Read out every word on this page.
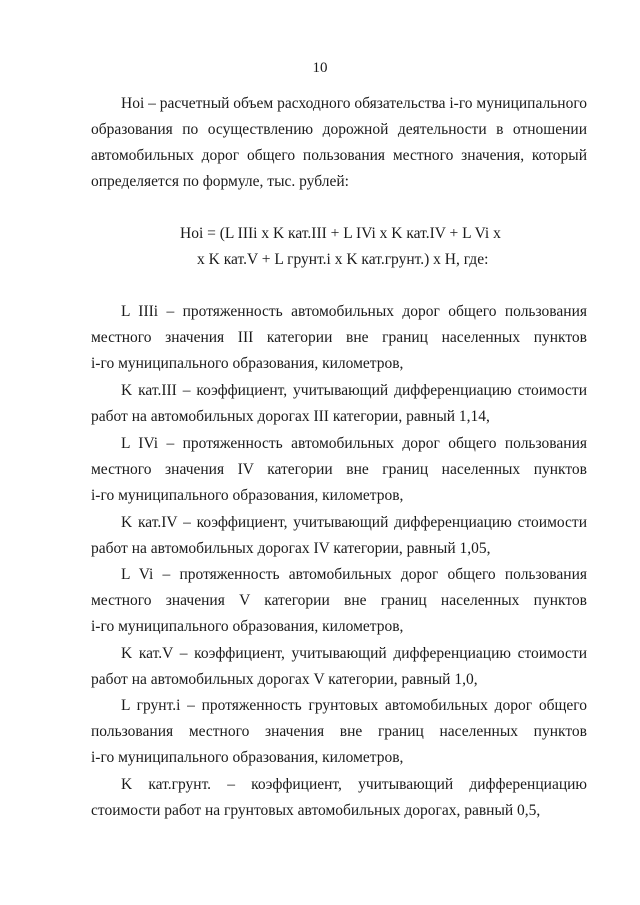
10
Hoi – расчетный объем расходного обязательства i-го муниципального
образования по осуществлению дорожной деятельности в отношении
автомобильных дорог общего пользования местного значения, который
определяется по формуле, тыс. рублей:
Hoi = (L IIIi x K кат.III + L IVi x K кат.IV + L Vi x
x K кат.V + L грунт.i x K кат.грунт.) x H, где:
L IIIi – протяженность автомобильных дорог общего пользования
местного значения III категории вне границ населенных пунктов
i-го муниципального образования, километров,
K кат.III – коэффициент, учитывающий дифференциацию стоимости
работ на автомобильных дорогах III категории, равный 1,14,
L IVi – протяженность автомобильных дорог общего пользования
местного значения IV категории вне границ населенных пунктов
i-го муниципального образования, километров,
K кат.IV – коэффициент, учитывающий дифференциацию стоимости
работ на автомобильных дорогах IV категории, равный 1,05,
L Vi – протяженность автомобильных дорог общего пользования
местного значения V категории вне границ населенных пунктов
i-го муниципального образования, километров,
K кат.V – коэффициент, учитывающий дифференциацию стоимости
работ на автомобильных дорогах V категории, равный 1,0,
L грунт.i – протяженность грунтовых автомобильных дорог общего
пользования местного значения вне границ населенных пунктов
i-го муниципального образования, километров,
K кат.грунт. – коэффициент, учитывающий дифференциацию
стоимости работ на грунтовых автомобильных дорогах, равный 0,5,
